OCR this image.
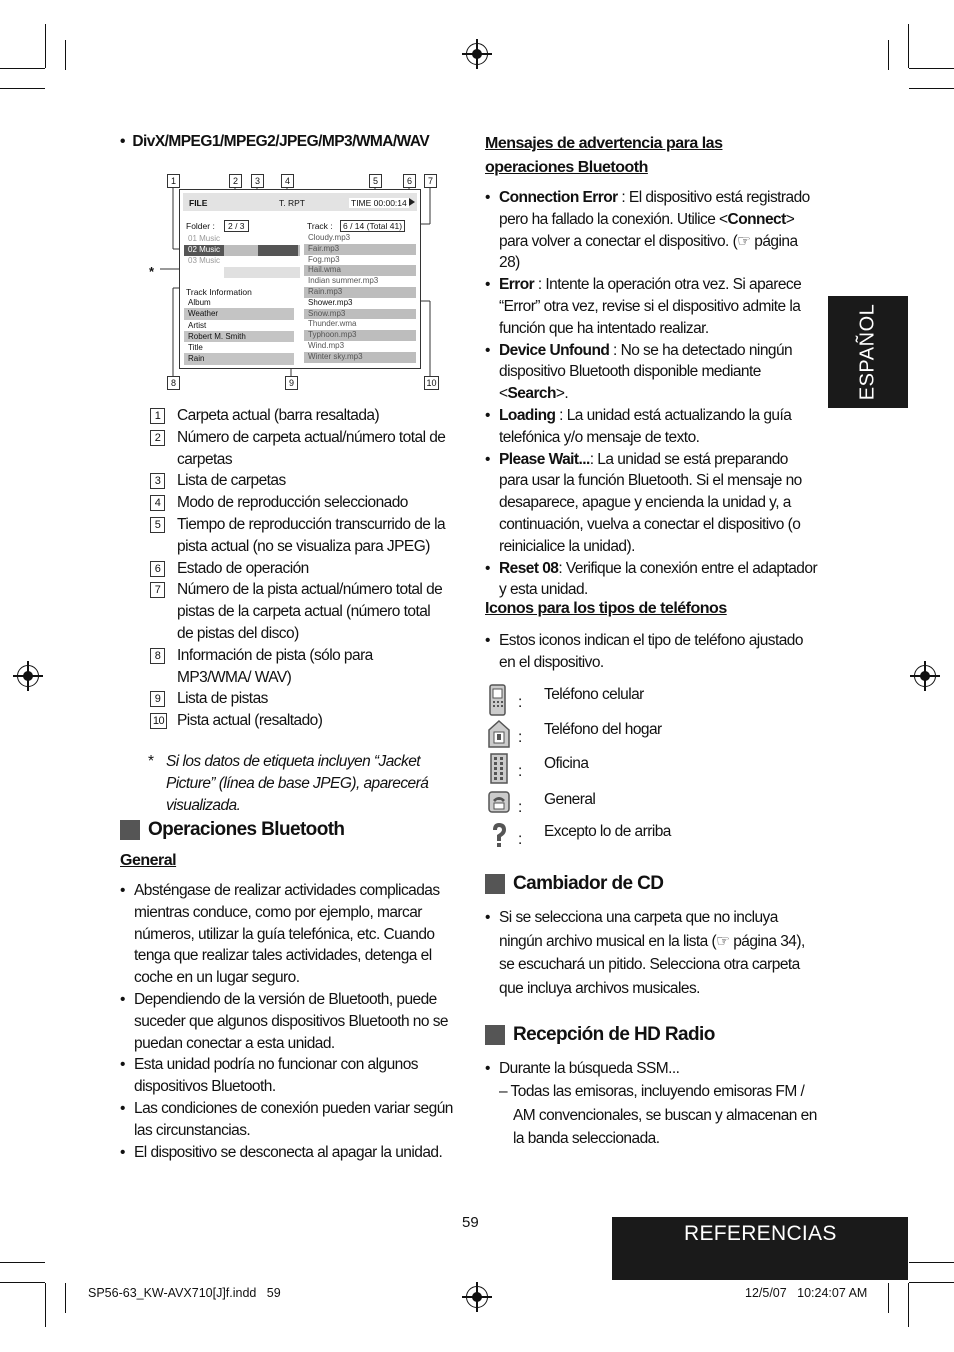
•  DivX/MPEG1/MPEG2/JPEG/MP3/WMA/WAV
1	2	3	4	5	6	7
8	9	10
*
FILE	T. RPT	TIME 00:00:14
Folder :	2 / 3
01 Music
02 Music
03 Music
Track Information
Album
Weather
Artist
Robert M. Smith
Title
Rain
Track :	6 / 14 (Total 41)
Cloudy.mp3
Fair.mp3
Fog.mp3
Hail.wma
Indian summer.mp3
Rain.mp3
Shower.mp3
Snow.mp3
Thunder.wma
Typhoon.mp3
Wind.mp3
Winter sky.mp3
1	Carpeta actual (barra resaltada)
2	Número de carpeta actual/número total de carpetas
3	Lista de carpetas
4	Modo de reproducción seleccionado
5	Tiempo de reproducción transcurrido de la pista actual (no se visualiza para JPEG)
6	Estado de operación
7	Número de la pista actual/número total de pistas de la carpeta actual (número total de pistas del disco)
8	Información de pista (sólo para MP3/WMA/ WAV)
9	Lista de pistas
10 Pista actual (resaltado)
* Si los datos de etiqueta incluyen “Jacket Picture” (línea de base JPEG), aparecerá visualizada.
Operaciones Bluetooth
General
• Absténgase de realizar actividades complicadas mientras conduce, como por ejemplo, marcar números, utilizar la guía telefónica, etc. Cuando tenga que realizar tales actividades, detenga el coche en un lugar seguro.
• Dependiendo de la versión de Bluetooth, puede suceder que algunos dispositivos Bluetooth no se puedan conectar a esta unidad.
• Esta unidad podría no funcionar con algunos dispositivos Bluetooth.
• Las condiciones de conexión pueden variar según las circunstancias.
• El dispositivo se desconecta al apagar la unidad.
Mensajes de advertencia para las operaciones Bluetooth
• Connection Error : El dispositivo está registrado pero ha fallado la conexión. Utilice <Connect> para volver a conectar el dispositivo. (☞ página 28)
• Error : Intente la operación otra vez. Si aparece “Error” otra vez, revise si el dispositivo admite la función que ha intentado realizar.
• Device Unfound : No se ha detectado ningún dispositivo Bluetooth disponible mediante <Search>.
• Loading : La unidad está actualizando la guía telefónica y/o mensaje de texto.
• Please Wait...: La unidad se está preparando para usar la función Bluetooth. Si el mensaje no desaparece, apague y encienda la unidad y, a continuación, vuelva a conectar el dispositivo (o reinicialice la unidad).
• Reset 08: Verifique la conexión entre el adaptador y esta unidad.
Iconos para los tipos de teléfonos
• Estos iconos indican el tipo de teléfono ajustado en el dispositivo.
: Teléfono celular
: Teléfono del hogar
: Oficina
: General
: Excepto lo de arriba
Cambiador de CD
• Si se selecciona una carpeta que no incluya ningún archivo musical en la lista (☞ página 34), se escuchará un pitido. Selecciona otra carpeta que incluya archivos musicales.
Recepción de HD Radio
• Durante la búsqueda SSM...
– Todas las emisoras, incluyendo emisoras FM / AM convencionales, se buscan y almacenan en la banda seleccionada.
ESPAÑOL
REFERENCIAS
59
SP56-63_KW-AVX710[J]f.indd   59	12/5/07   10:24:07 AM
